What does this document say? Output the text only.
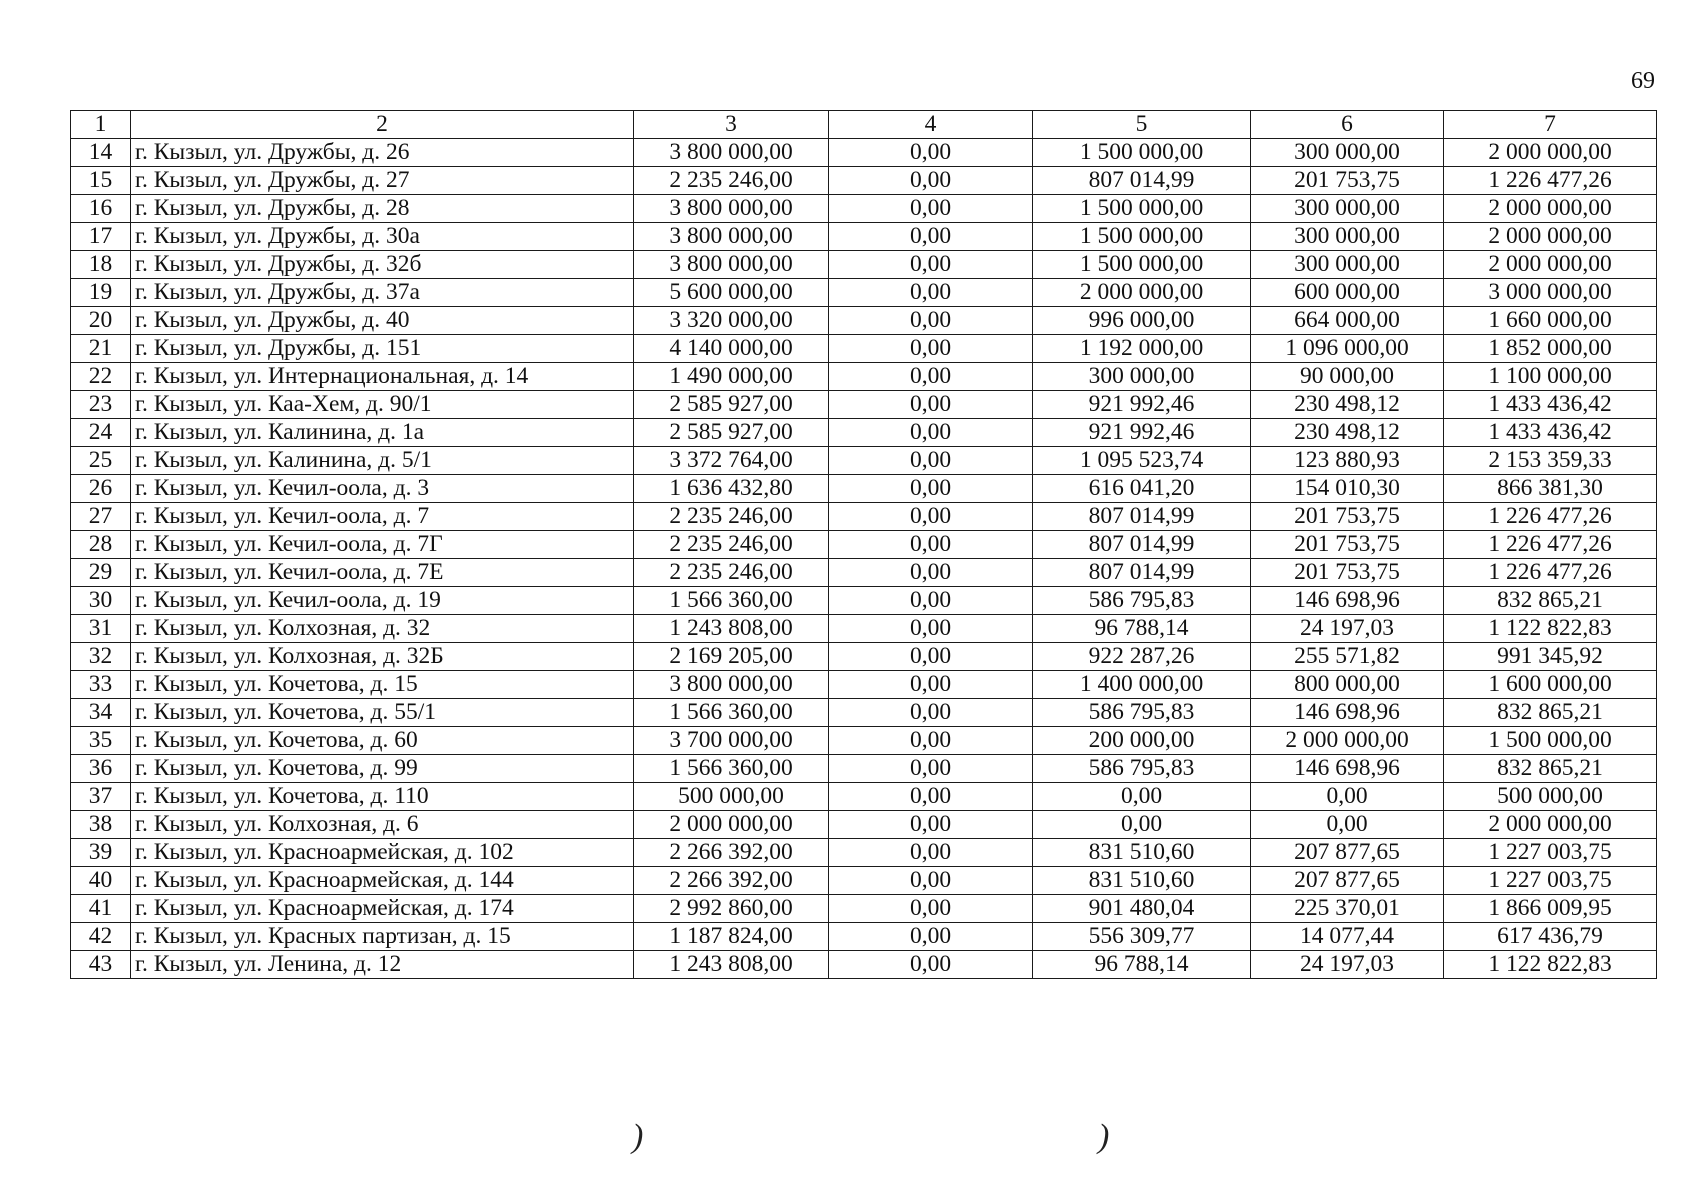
69
1	2	3	4	5	6	7
14	г. Кызыл, ул. Дружбы, д. 26	3 800 000,00	0,00	1 500 000,00	300 000,00	2 000 000,00
15	г. Кызыл, ул. Дружбы, д. 27	2 235 246,00	0,00	807 014,99	201 753,75	1 226 477,26
16	г. Кызыл, ул. Дружбы, д. 28	3 800 000,00	0,00	1 500 000,00	300 000,00	2 000 000,00
17	г. Кызыл, ул. Дружбы, д. 30а	3 800 000,00	0,00	1 500 000,00	300 000,00	2 000 000,00
18	г. Кызыл, ул. Дружбы, д. 32б	3 800 000,00	0,00	1 500 000,00	300 000,00	2 000 000,00
19	г. Кызыл, ул. Дружбы, д. 37а	5 600 000,00	0,00	2 000 000,00	600 000,00	3 000 000,00
20	г. Кызыл, ул. Дружбы, д. 40	3 320 000,00	0,00	996 000,00	664 000,00	1 660 000,00
21	г. Кызыл, ул. Дружбы, д. 151	4 140 000,00	0,00	1 192 000,00	1 096 000,00	1 852 000,00
22	г. Кызыл, ул. Интернациональная, д. 14	1 490 000,00	0,00	300 000,00	90 000,00	1 100 000,00
23	г. Кызыл, ул. Каа-Хем, д. 90/1	2 585 927,00	0,00	921 992,46	230 498,12	1 433 436,42
24	г. Кызыл, ул. Калинина, д. 1а	2 585 927,00	0,00	921 992,46	230 498,12	1 433 436,42
25	г. Кызыл, ул. Калинина, д. 5/1	3 372 764,00	0,00	1 095 523,74	123 880,93	2 153 359,33
26	г. Кызыл, ул. Кечил-оола, д. 3	1 636 432,80	0,00	616 041,20	154 010,30	866 381,30
27	г. Кызыл, ул. Кечил-оола, д. 7	2 235 246,00	0,00	807 014,99	201 753,75	1 226 477,26
28	г. Кызыл, ул. Кечил-оола, д. 7Г	2 235 246,00	0,00	807 014,99	201 753,75	1 226 477,26
29	г. Кызыл, ул. Кечил-оола, д. 7Е	2 235 246,00	0,00	807 014,99	201 753,75	1 226 477,26
30	г. Кызыл, ул. Кечил-оола, д. 19	1 566 360,00	0,00	586 795,83	146 698,96	832 865,21
31	г. Кызыл, ул. Колхозная, д. 32	1 243 808,00	0,00	96 788,14	24 197,03	1 122 822,83
32	г. Кызыл, ул. Колхозная, д. 32Б	2 169 205,00	0,00	922 287,26	255 571,82	991 345,92
33	г. Кызыл, ул. Кочетова, д. 15	3 800 000,00	0,00	1 400 000,00	800 000,00	1 600 000,00
34	г. Кызыл, ул. Кочетова, д. 55/1	1 566 360,00	0,00	586 795,83	146 698,96	832 865,21
35	г. Кызыл, ул. Кочетова, д. 60	3 700 000,00	0,00	200 000,00	2 000 000,00	1 500 000,00
36	г. Кызыл, ул. Кочетова, д. 99	1 566 360,00	0,00	586 795,83	146 698,96	832 865,21
37	г. Кызыл, ул. Кочетова, д. 110	500 000,00	0,00	0,00	0,00	500 000,00
38	г. Кызыл, ул. Колхозная, д. 6	2 000 000,00	0,00	0,00	0,00	2 000 000,00
39	г. Кызыл, ул. Красноармейская, д. 102	2 266 392,00	0,00	831 510,60	207 877,65	1 227 003,75
40	г. Кызыл, ул. Красноармейская, д. 144	2 266 392,00	0,00	831 510,60	207 877,65	1 227 003,75
41	г. Кызыл, ул. Красноармейская, д. 174	2 992 860,00	0,00	901 480,04	225 370,01	1 866 009,95
42	г. Кызыл, ул. Красных партизан, д. 15	1 187 824,00	0,00	556 309,77	14 077,44	617 436,79
43	г. Кызыл, ул. Ленина, д. 12	1 243 808,00	0,00	96 788,14	24 197,03	1 122 822,83
)	)
